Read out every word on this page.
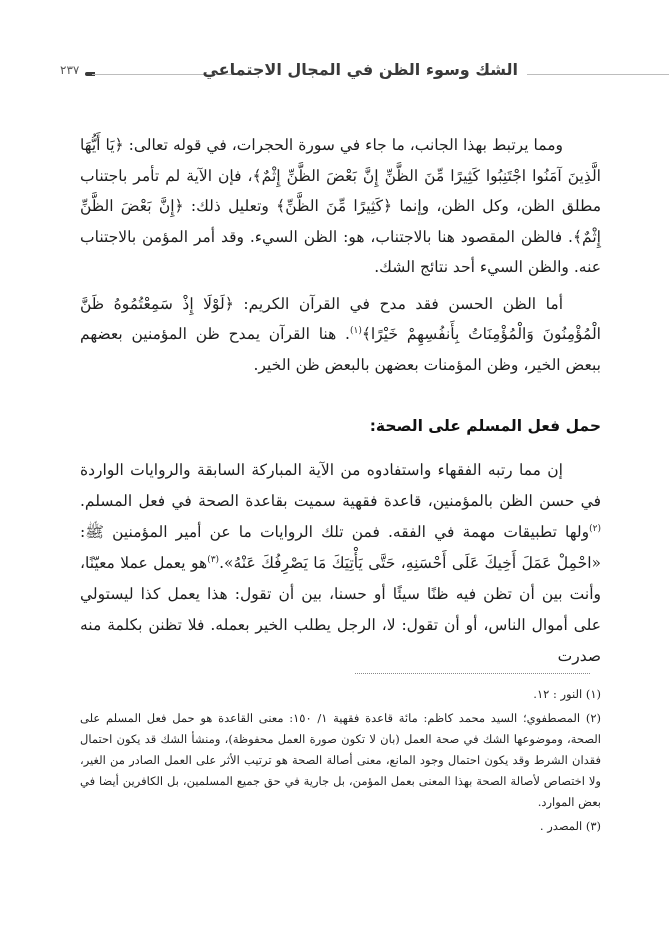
٢٣٧	الشك وسوء الظن في المجال الاجتماعي

ومما يرتبط بهذا الجانب، ما جاء في سورة الحجرات، في قوله تعالى: ﴿يَا أَيُّهَا الَّذِينَ آمَنُوا اجْتَنِبُوا كَثِيرًا مِّنَ الظَّنِّ إِنَّ بَعْضَ الظَّنِّ إِثْمٌ﴾، فإن الآية لم تأمر باجتناب مطلق الظن، وكل الظن، وإنما ﴿كَثِيرًا مِّنَ الظَّنِّ﴾ وتعليل ذلك: ﴿إِنَّ بَعْضَ الظَّنِّ إِثْمٌ﴾. فالظن المقصود هنا بالاجتناب، هو: الظن السيء. وقد أمر المؤمن بالاجتناب عنه. والظن السيء أحد نتائج الشك.

أما الظن الحسن فقد مدح في القرآن الكريم: ﴿لَوْلَا إِذْ سَمِعْتُمُوهُ ظَنَّ الْمُؤْمِنُونَ وَالْمُؤْمِنَاتُ بِأَنفُسِهِمْ خَيْرًا﴾$^{(١)}$. هنا القرآن يمدح ظن المؤمنين بعضهم ببعض الخير، وظن المؤمنات بعضهن بالبعض ظن الخير.

حمل فعل المسلم على الصحة:

إن مما رتبه الفقهاء واستفادوه من الآية المباركة السابقة والروايات الواردة في حسن الظن بالمؤمنين، قاعدة فقهية سميت بقاعدة الصحة في فعل المسلم.$^{(٢)}$ولها تطبيقات مهمة في الفقه. فمن تلك الروايات ما عن أمير المؤمنين ﷺ: «احْمِلْ عَمَلَ أَخِيكَ عَلَى أَحْسَنِهِ، حَتَّى يَأْتِيَكَ مَا يَصْرِفُكَ عَنْهُ».$^{(٣)}$هو يعمل عملا معيّنًا، وأنت بين أن تظن فيه ظنًا سيئًا أو حسنا، بين أن تقول: هذا يعمل كذا ليستولي على أموال الناس، أو أن تقول: لا، الرجل يطلب الخير بعمله. فلا تظنن بكلمة منه صدرت

(١) النور : ١٢.
(٢) المصطفوي؛ السيد محمد كاظم: مائة قاعدة فقهية ١/ ١٥٠: معنى القاعدة هو حمل فعل المسلم على الصحة، وموضوعها الشك في صحة العمل (بان لا تكون صورة العمل محفوظة)، ومنشأ الشك قد يكون احتمال فقدان الشرط وقد يكون احتمال وجود المانع، معنى أصالة الصحة هو ترتيب الأثر على العمل الصادر من الغير، ولا اختصاص لأصالة الصحة بهذا المعنى بعمل المؤمن، بل جارية في حق جميع المسلمين، بل الكافرين أيضا في بعض الموارد.
(٣) المصدر .
